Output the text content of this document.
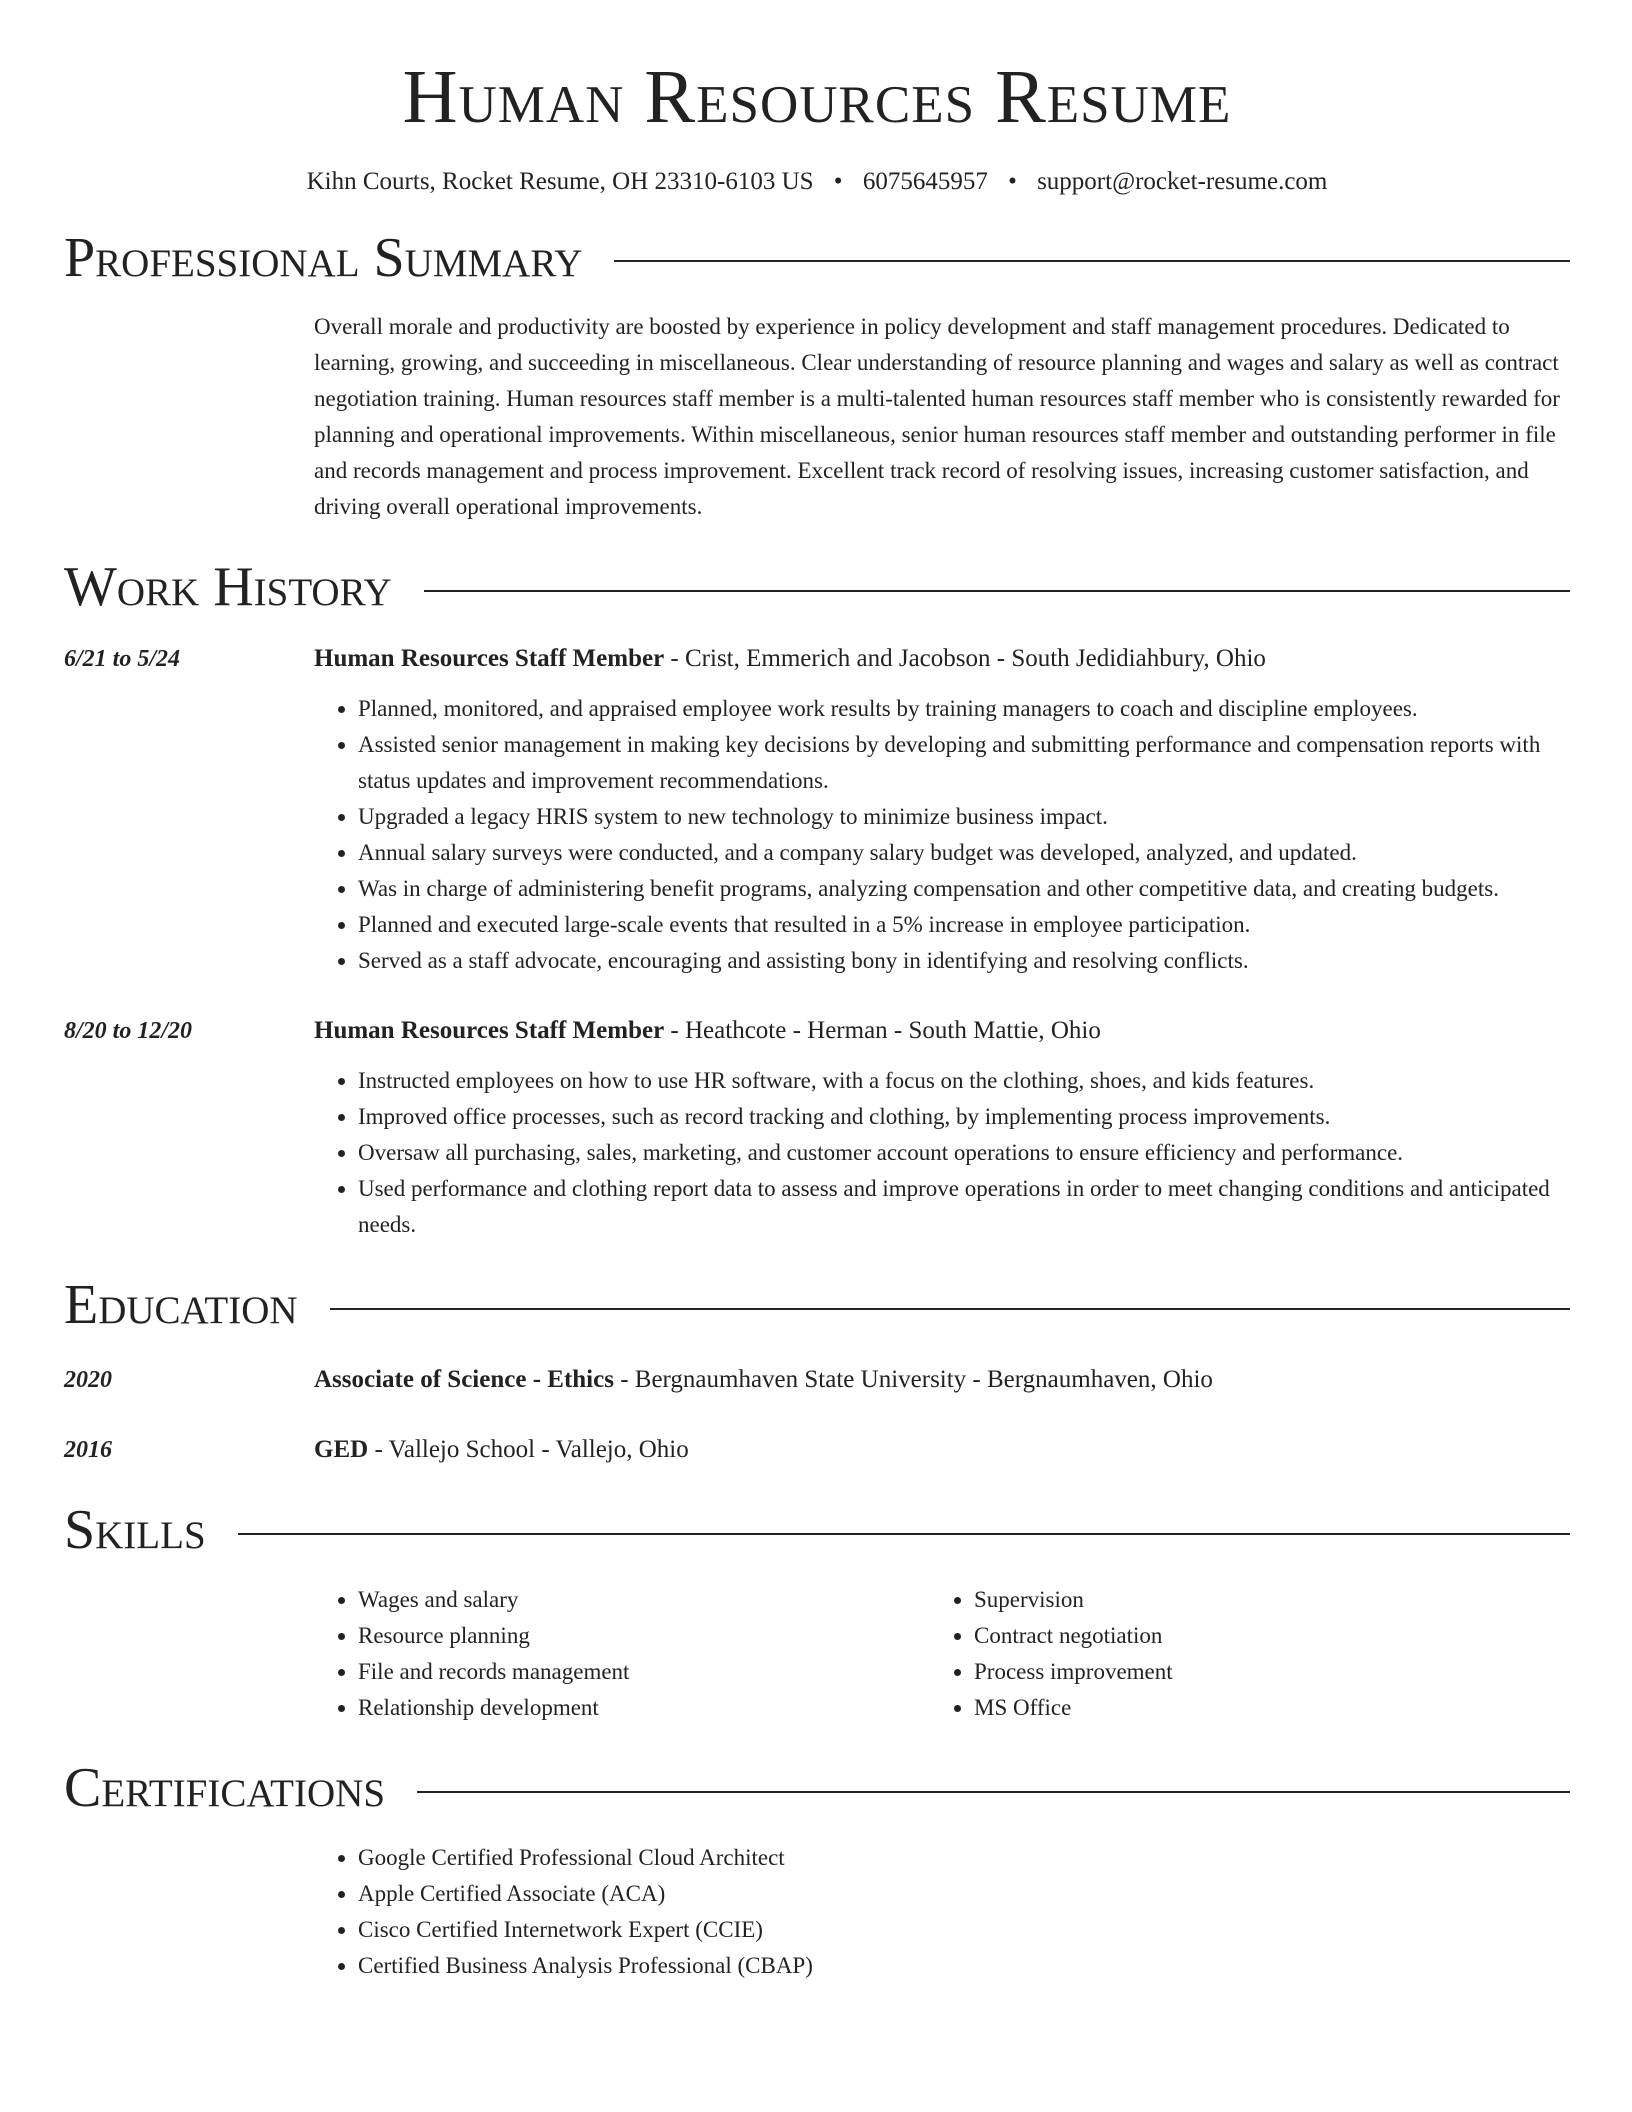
Human Resources Resume
Kihn Courts, Rocket Resume, OH 23310-6103 US • 6075645957 • support@rocket-resume.com
Professional Summary
Overall morale and productivity are boosted by experience in policy development and staff management procedures. Dedicated to learning, growing, and succeeding in miscellaneous. Clear understanding of resource planning and wages and salary as well as contract negotiation training. Human resources staff member is a multi-talented human resources staff member who is consistently rewarded for planning and operational improvements. Within miscellaneous, senior human resources staff member and outstanding performer in file and records management and process improvement. Excellent track record of resolving issues, increasing customer satisfaction, and driving overall operational improvements.
Work History
6/21 to 5/24	Human Resources Staff Member - Crist, Emmerich and Jacobson - South Jedidiahbury, Ohio
• Planned, monitored, and appraised employee work results by training managers to coach and discipline employees.
• Assisted senior management in making key decisions by developing and submitting performance and compensation reports with status updates and improvement recommendations.
• Upgraded a legacy HRIS system to new technology to minimize business impact.
• Annual salary surveys were conducted, and a company salary budget was developed, analyzed, and updated.
• Was in charge of administering benefit programs, analyzing compensation and other competitive data, and creating budgets.
• Planned and executed large-scale events that resulted in a 5% increase in employee participation.
• Served as a staff advocate, encouraging and assisting bony in identifying and resolving conflicts.
8/20 to 12/20	Human Resources Staff Member - Heathcote - Herman - South Mattie, Ohio
• Instructed employees on how to use HR software, with a focus on the clothing, shoes, and kids features.
• Improved office processes, such as record tracking and clothing, by implementing process improvements.
• Oversaw all purchasing, sales, marketing, and customer account operations to ensure efficiency and performance.
• Used performance and clothing report data to assess and improve operations in order to meet changing conditions and anticipated needs.
Education
2020	Associate of Science - Ethics - Bergnaumhaven State University - Bergnaumhaven, Ohio
2016	GED - Vallejo School - Vallejo, Ohio
Skills
• Wages and salary
• Resource planning
• File and records management
• Relationship development
• Supervision
• Contract negotiation
• Process improvement
• MS Office
Certifications
• Google Certified Professional Cloud Architect
• Apple Certified Associate (ACA)
• Cisco Certified Internetwork Expert (CCIE)
• Certified Business Analysis Professional (CBAP)
